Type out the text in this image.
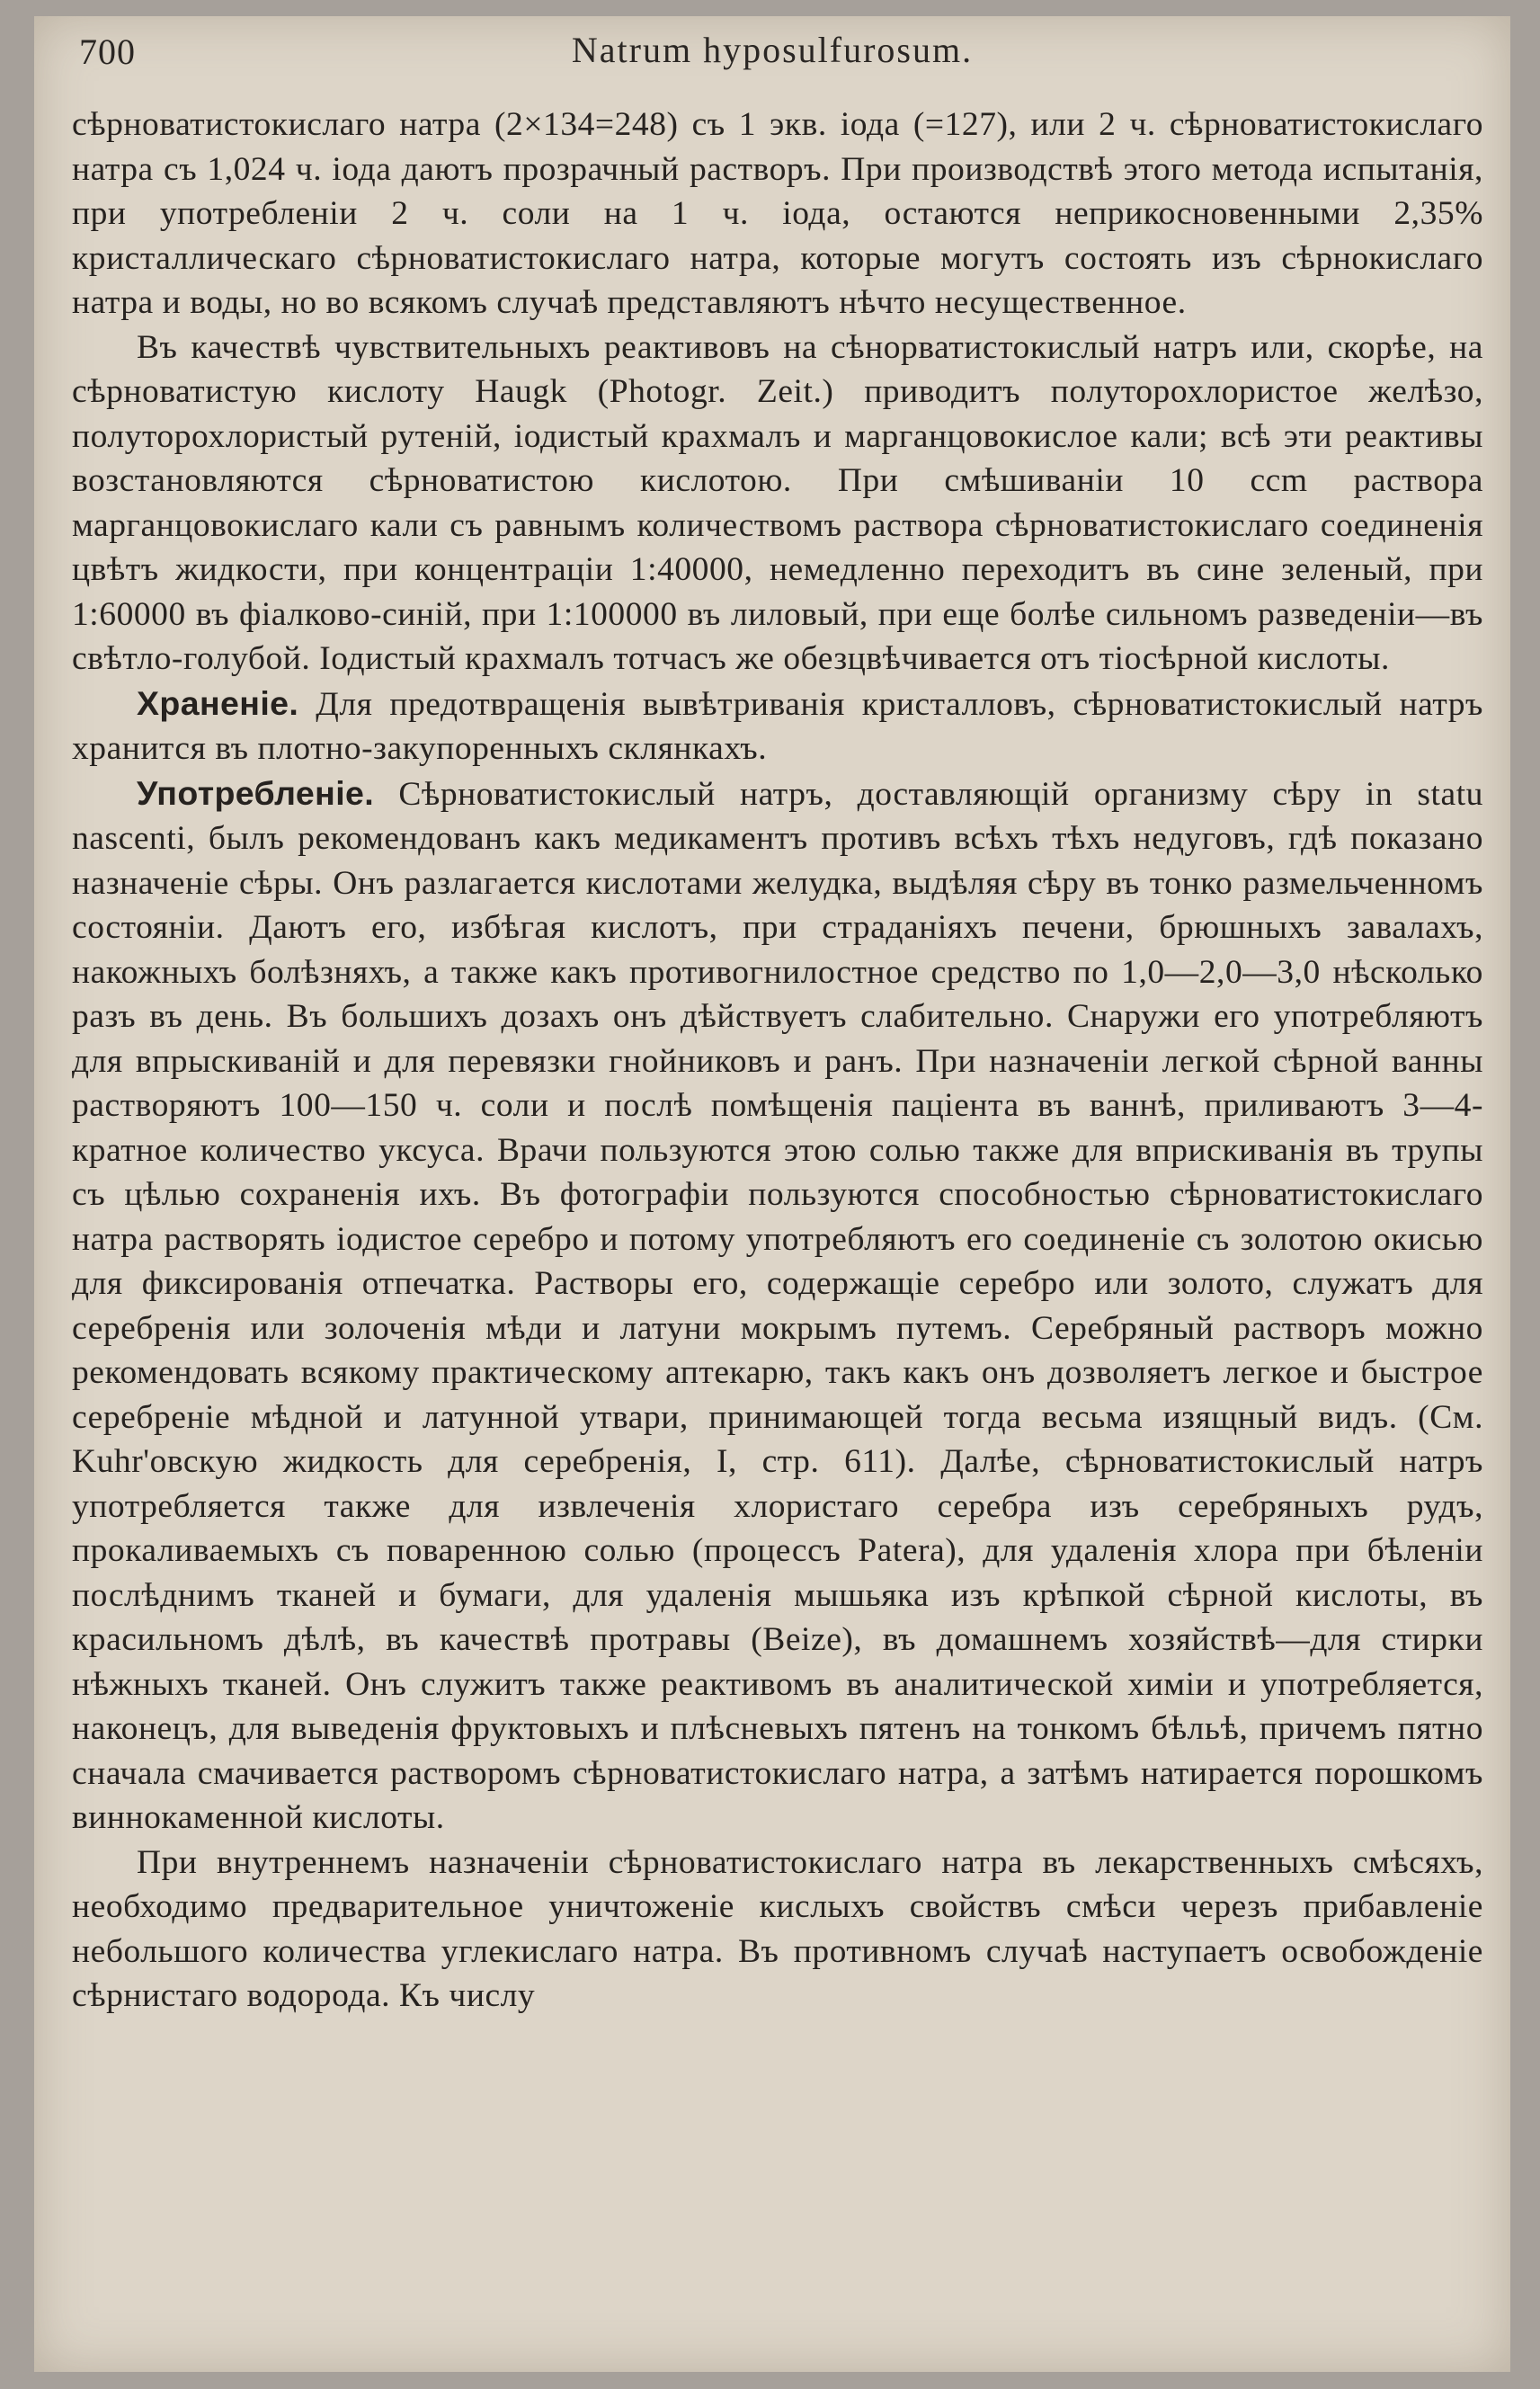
700	Natrum hyposulfurosum.

сѣрноватистокислаго натра (2×134=248) съ 1 экв. іода (=127), или 2 ч. сѣрноватистокислаго натра съ 1,024 ч. іода даютъ прозрачный растворъ. При производствѣ этого метода испытанія, при употребленіи 2 ч. соли на 1 ч. іода, остаются неприкосновенными 2,35% кристаллическаго сѣрноватистокислаго натра, которые могутъ состоять изъ сѣрнокислаго натра и воды, но во всякомъ случаѣ представляютъ нѣчто несущественное.

Въ качествѣ чувствительныхъ реактивовъ на сѣнорватистокислый натръ или, скорѣе, на сѣрноватистую кислоту Haugk (Photogr. Zeit.) приводитъ полуторохлористое желѣзо, полуторохлористый рутеній, іодистый крахмалъ и марганцовокислое кали; всѣ эти реактивы возстановляются сѣрноватистою кислотою. При смѣшиваніи 10 ccm раствора марганцовокислаго кали съ равнымъ количествомъ раствора сѣрноватистокислаго соединенія цвѣтъ жидкости, при концентраціи 1:40000, немедленно переходитъ въ сине зеленый, при 1:60000 въ фіалково-синій, при 1:100000 въ лиловый, при еще болѣе сильномъ разведеніи—въ свѣтло-голубой. Іодистый крахмалъ тотчасъ же обезцвѣчивается отъ тіосѣрной кислоты.

Храненіе. Для предотвращенія вывѣтриванія кристалловъ, сѣрноватистокислый натръ хранится въ плотно-закупоренныхъ склянкахъ.

Употребленіе. Сѣрноватистокислый натръ, доставляющій организму сѣру in statu nascenti, былъ рекомендованъ какъ медикаментъ противъ всѣхъ тѣхъ недуговъ, гдѣ показано назначеніе сѣры. Онъ разлагается кислотами желудка, выдѣляя сѣру въ тонко размельченномъ состояніи. Даютъ его, избѣгая кислотъ, при страданіяхъ печени, брюшныхъ завалахъ, накожныхъ болѣзняхъ, а также какъ противогнилостное средство по 1,0—2,0—3,0 нѣсколько разъ въ день. Въ большихъ дозахъ онъ дѣйствуетъ слабительно. Снаружи его употребляютъ для впрыскиваній и для перевязки гнойниковъ и ранъ. При назначеніи легкой сѣрной ванны растворяютъ 100—150 ч. соли и послѣ помѣщенія паціента въ ваннѣ, приливаютъ 3—4-кратное количество уксуса. Врачи пользуются этою солью также для вприскиванія въ трупы съ цѣлью сохраненія ихъ. Въ фотографіи пользуются способностью сѣрноватистокислаго натра растворять іодистое серебро и потому употребляютъ его соединеніе съ золотою окисью для фиксированія отпечатка. Растворы его, содержащіе серебро или золото, служатъ для серебренія или золоченія мѣди и латуни мокрымъ путемъ. Серебряный растворъ можно рекомендовать всякому практическому аптекарю, такъ какъ онъ дозволяетъ легкое и быстрое серебреніе мѣдной и латунной утвари, принимающей тогда весьма изящный видъ. (См. Kuhr'овскую жидкость для серебренія, I, стр. 611). Далѣе, сѣрноватистокислый натръ употребляется также для извлеченія хлористаго серебра изъ серебряныхъ рудъ, прокаливаемыхъ съ поваренною солью (процессъ Patera), для удаленія хлора при бѣленіи послѣднимъ тканей и бумаги, для удаленія мышьяка изъ крѣпкой сѣрной кислоты, въ красильномъ дѣлѣ, въ качествѣ протравы (Beize), въ домашнемъ хозяйствѣ—для стирки нѣжныхъ тканей. Онъ служитъ также реактивомъ въ аналитической химіи и употребляется, наконецъ, для выведенія фруктовыхъ и плѣсневыхъ пятенъ на тонкомъ бѣльѣ, причемъ пятно сначала смачивается растворомъ сѣрноватистокислаго натра, а затѣмъ натирается порошкомъ виннокаменной кислоты.

При внутреннемъ назначеніи сѣрноватистокислаго натра въ лекарственныхъ смѣсяхъ, необходимо предварительное уничтоженіе кислыхъ свойствъ смѣси черезъ прибавленіе небольшого количества углекислаго натра. Въ противномъ случаѣ наступаетъ освобожденіе сѣрнистаго водорода. Къ числу
